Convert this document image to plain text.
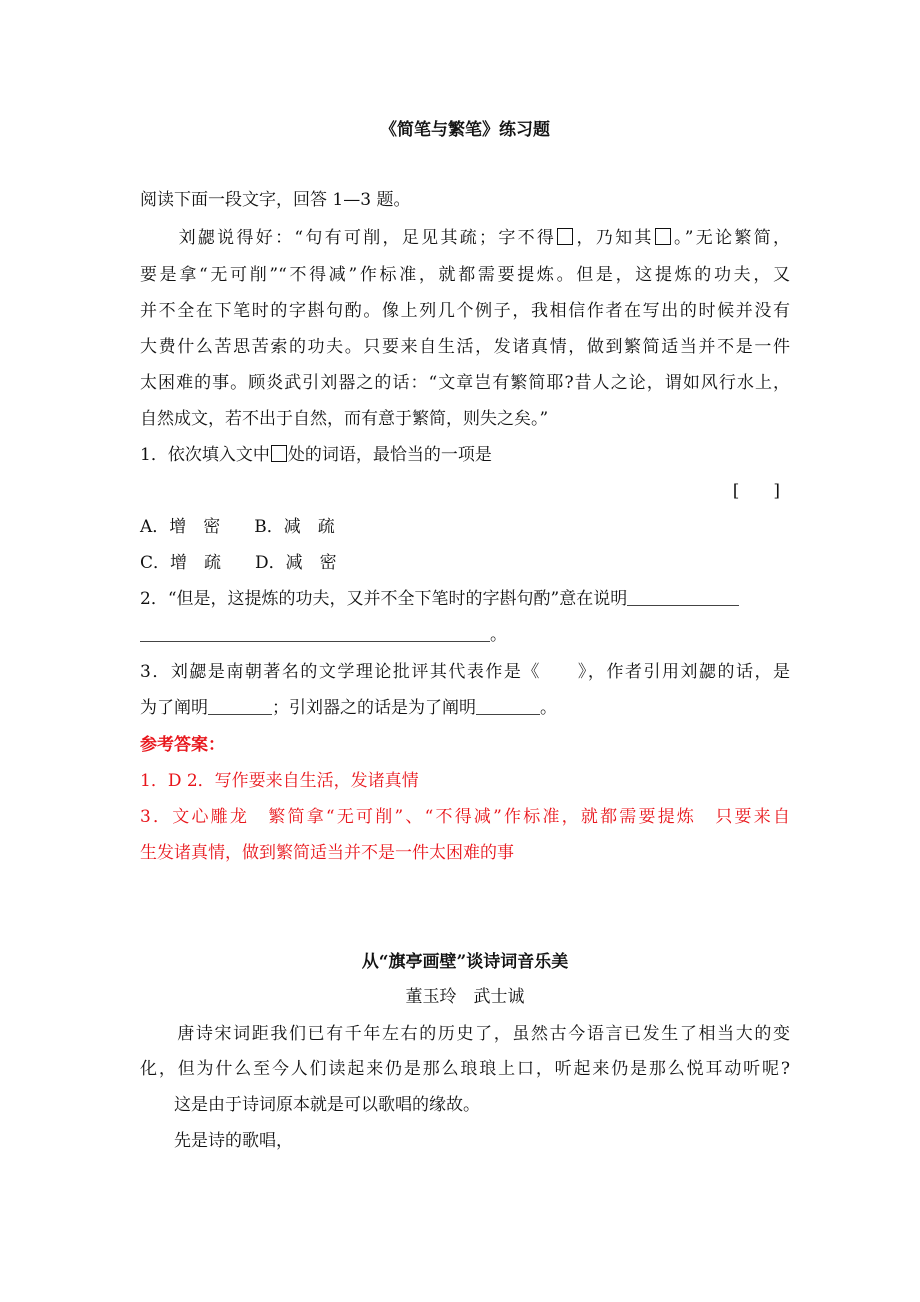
《简笔与繁笔》练习题
阅读下面一段文字，回答 1—3 题。
　　刘勰说得好：“句有可削，足见其疏；字不得 ，乃知其 。”无论繁简，
要是拿“无可削”“不得减”作标准，就都需要提炼。但是，这提炼的功夫，又
并不全在下笔时的字斟句酌。像上列几个例子，我相信作者在写出的时候并没有
大费什么苦思苦索的功夫。只要来自生活，发诸真情，做到繁简适当并不是一件
太困难的事。顾炎武引刘器之的话：“文章岂有繁简耶?昔人之论，谓如风行水上，
自然成文，若不出于自然，而有意于繁简，则失之矣。”
1．依次填入文中 处的词语，最恰当的一项是
[　　]
A．增　密 B．减　疏
C．增　疏 D．减　密
2．“但是，这提炼的功夫，又并不全下笔时的字斟句酌”意在说明
。
3．刘勰是南朝著名的文学理论批评其代表作是《　　》，作者引用刘勰的话，是
为了阐明	；引刘器之的话是为了阐明	。
参考答案：
1．D 2．写作要来自生活，发诸真情
3．文心雕龙　繁简拿“无可削”、“不得减”作标准，就都需要提炼　只要来自
生发诸真情，做到繁简适当并不是一件太困难的事
从“旗亭画壁”谈诗词音乐美
董玉玲　武士诚
　　唐诗宋词距我们已有千年左右的历史了，虽然古今语言已发生了相当大的变
化，但为什么至今人们读起来仍是那么琅琅上口，听起来仍是那么悦耳动听呢?
　　这是由于诗词原本就是可以歌唱的缘故。
　　先是诗的歌唱，
